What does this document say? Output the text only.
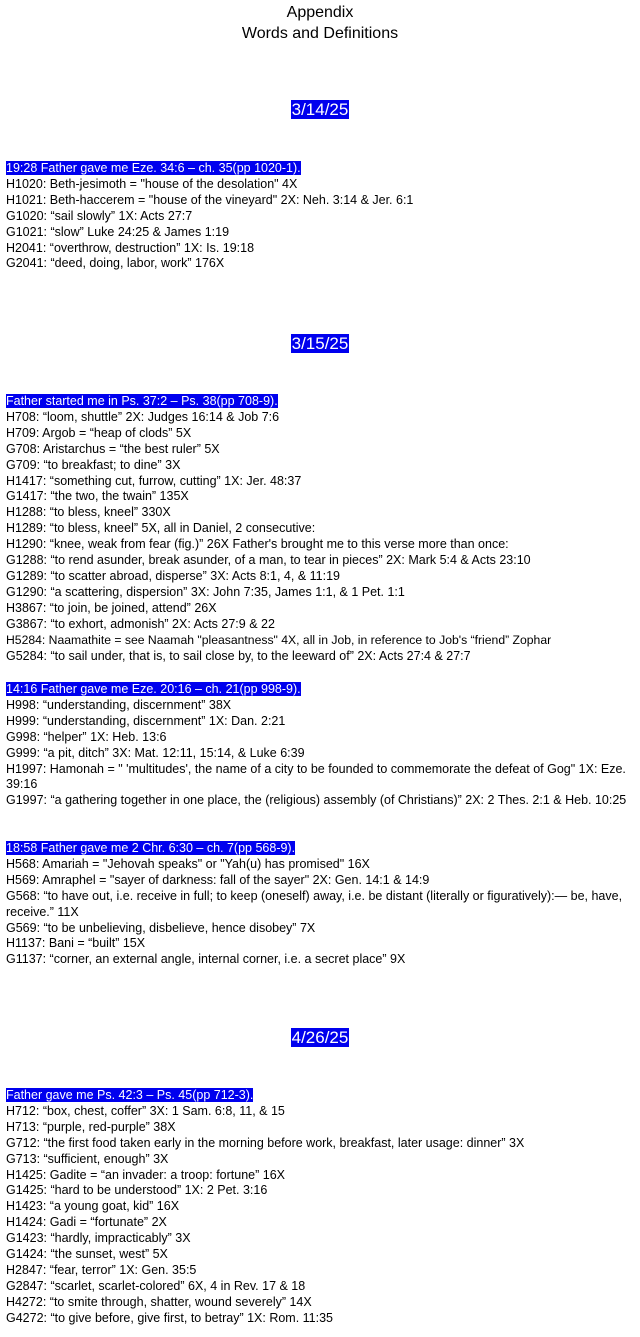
Appendix
Words and Definitions
3/14/25
19:28 Father gave me Eze. 34:6 – ch. 35(pp 1020-1).
H1020: Beth-jesimoth = "house of the desolation" 4X
H1021: Beth-haccerem = "house of the vineyard" 2X: Neh. 3:14 & Jer. 6:1
G1020: “sail slowly” 1X: Acts 27:7
G1021: “slow” Luke 24:25 & James 1:19
H2041: “overthrow, destruction” 1X: Is. 19:18
G2041: “deed, doing, labor, work” 176X
3/15/25
Father started me in Ps. 37:2 – Ps. 38(pp 708-9).
H708: “loom, shuttle” 2X: Judges 16:14 & Job 7:6
H709: Argob = “heap of clods” 5X
G708: Aristarchus = “the best ruler” 5X
G709: “to breakfast; to dine” 3X
H1417: “something cut, furrow, cutting” 1X: Jer. 48:37
G1417: “the two, the twain” 135X
H1288: “to bless, kneel” 330X
H1289: “to bless, kneel” 5X, all in Daniel, 2 consecutive:
H1290: “knee, weak from fear (fig.)” 26X Father's brought me to this verse more than once:
G1288: “to rend asunder, break asunder, of a man, to tear in pieces” 2X: Mark 5:4 & Acts 23:10
G1289: “to scatter abroad, disperse” 3X: Acts 8:1, 4, & 11:19
G1290: “a scattering, dispersion” 3X: John 7:35, James 1:1, & 1 Pet. 1:1
H3867: “to join, be joined, attend” 26X
G3867: “to exhort, admonish” 2X: Acts 27:9 & 22
H5284: Naamathite = see Naamah "pleasantness" 4X, all in Job, in reference to Job's “friend” Zophar
G5284: “to sail under, that is, to sail close by, to the leeward of” 2X: Acts 27:4 & 27:7
14:16 Father gave me Eze. 20:16 – ch. 21(pp 998-9).
H998: “understanding, discernment” 38X
H999: “understanding, discernment” 1X: Dan. 2:21
G998: “helper” 1X: Heb. 13:6
G999: “a pit, ditch” 3X: Mat. 12:11, 15:14, & Luke 6:39
H1997: Hamonah = " 'multitudes', the name of a city to be founded to commemorate the defeat of Gog" 1X: Eze. 39:16
G1997: “a gathering together in one place, the (religious) assembly (of Christians)” 2X: 2 Thes. 2:1 & Heb. 10:25
18:58 Father gave me 2 Chr. 6:30 – ch. 7(pp 568-9).
H568: Amariah = "Jehovah speaks" or "Yah(u) has promised" 16X
H569: Amraphel = "sayer of darkness: fall of the sayer" 2X: Gen. 14:1 & 14:9
G568: “to have out, i.e. receive in full; to keep (oneself) away, i.e. be distant (literally or figuratively):— be, have, receive.” 11X
G569: “to be unbelieving, disbelieve, hence disobey” 7X
H1137: Bani = “built” 15X
G1137: “corner, an external angle, internal corner, i.e. a secret place” 9X
4/26/25
Father gave me Ps. 42:3 – Ps. 45(pp 712-3).
H712: “box, chest, coffer” 3X: 1 Sam. 6:8, 11, & 15
H713: “purple, red-purple” 38X
G712: “the first food taken early in the morning before work, breakfast, later usage: dinner” 3X
G713: “sufficient, enough” 3X
H1425: Gadite = “an invader: a troop: fortune” 16X
G1425: “hard to be understood” 1X: 2 Pet. 3:16
H1423: “a young goat, kid” 16X
H1424: Gadi = “fortunate” 2X
G1423: “hardly, impracticably” 3X
G1424: “the sunset, west” 5X
H2847: “fear, terror” 1X: Gen. 35:5
G2847: “scarlet, scarlet-colored” 6X, 4 in Rev. 17 & 18
H4272: “to smite through, shatter, wound severely” 14X
G4272: “to give before, give first, to betray” 1X: Rom. 11:35
